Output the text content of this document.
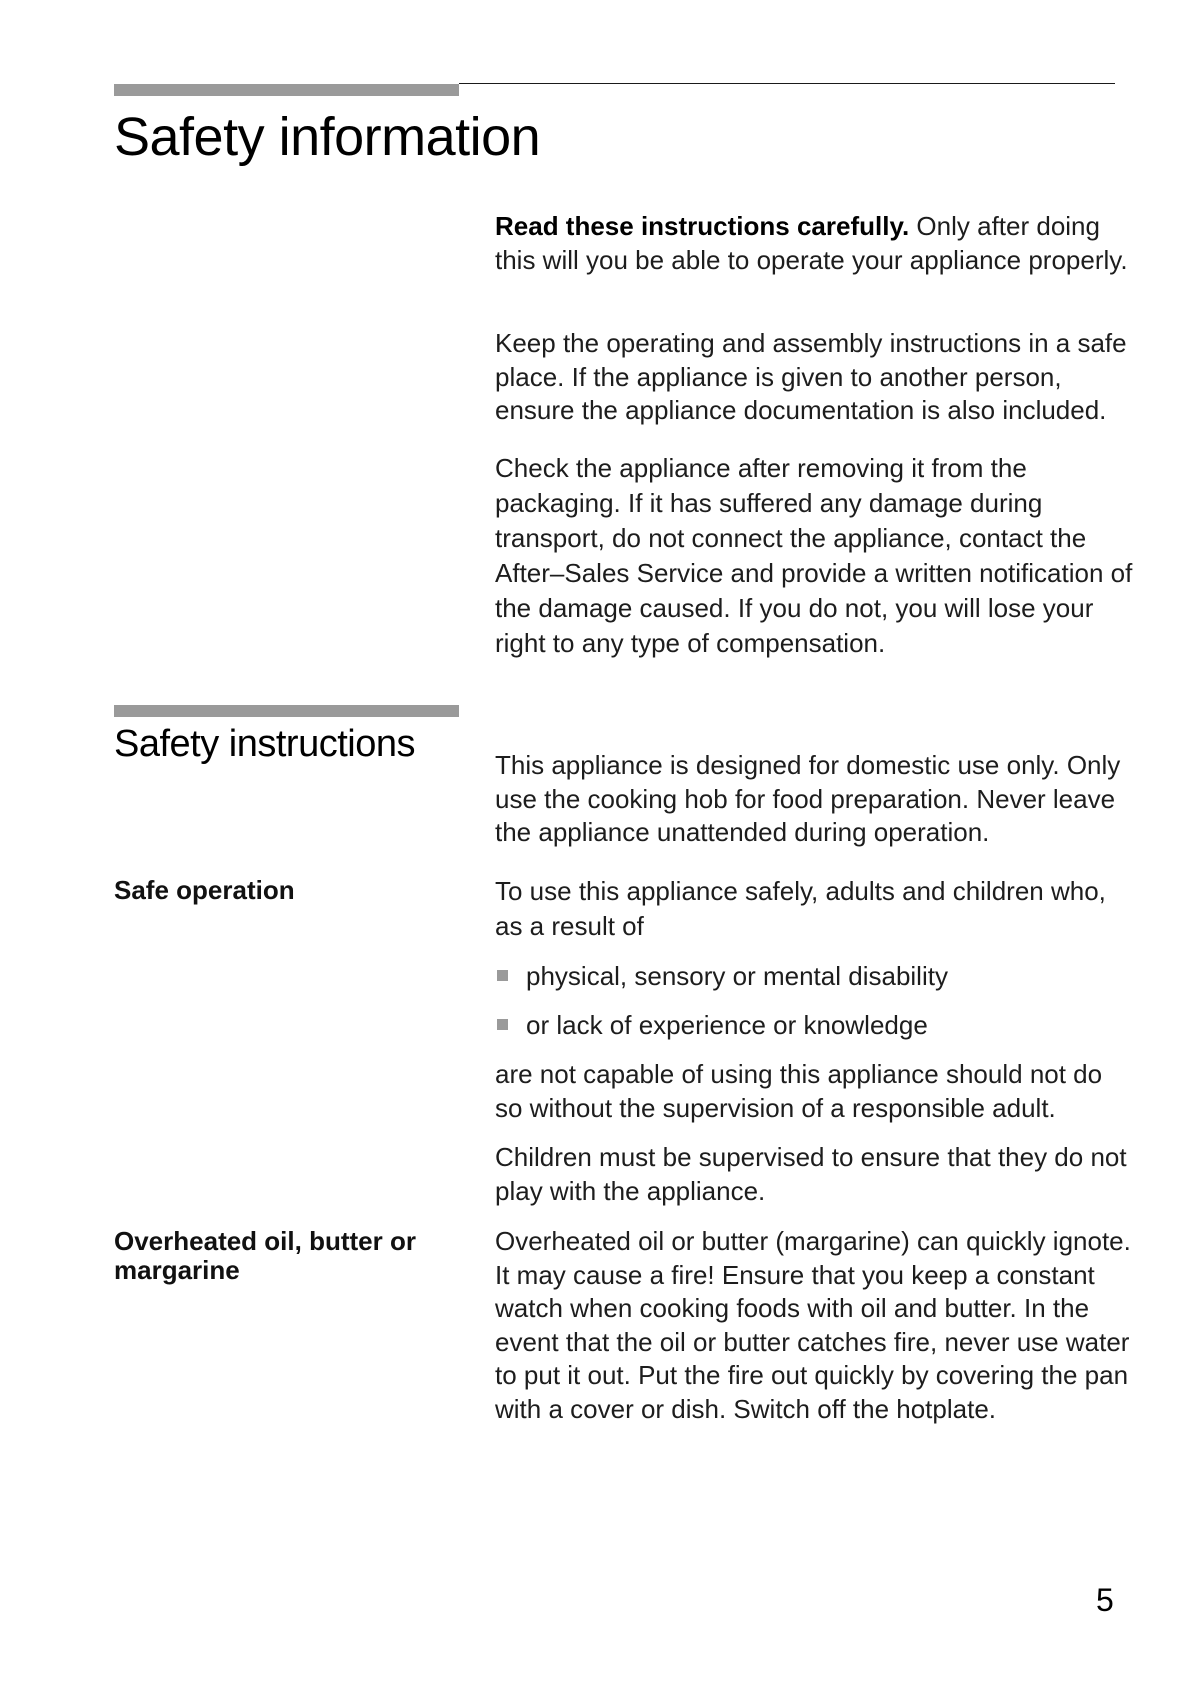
Safety information
Read these instructions carefully. Only after doing this will you be able to operate your appliance properly.
Keep the operating and assembly instructions in a safe place. If the appliance is given to another person, ensure the appliance documentation is also included.
Check the appliance after removing it from the packaging. If it has suffered any damage during transport, do not connect the appliance, contact the After–Sales Service and provide a written notification of the damage caused. If you do not, you will lose your right to any type of compensation.
Safety instructions	This appliance is designed for domestic use only. Only use the cooking hob for food preparation. Never leave the appliance unattended during operation.
Safe operation	To use this appliance safely, adults and children who, as a result of
physical, sensory or mental disability
or lack of experience or knowledge
are not capable of using this appliance should not do so without the supervision of a responsible adult.
Children must be supervised to ensure that they do not play with the appliance.
Overheated oil, butter or margarine
Overheated oil or butter (margarine) can quickly ignote. It may cause a fire! Ensure that you keep a constant watch when cooking foods with oil and butter. In the event that the oil or butter catches fire, never use water to put it out. Put the fire out quickly by covering the pan with a cover or dish. Switch off the hotplate.
5
